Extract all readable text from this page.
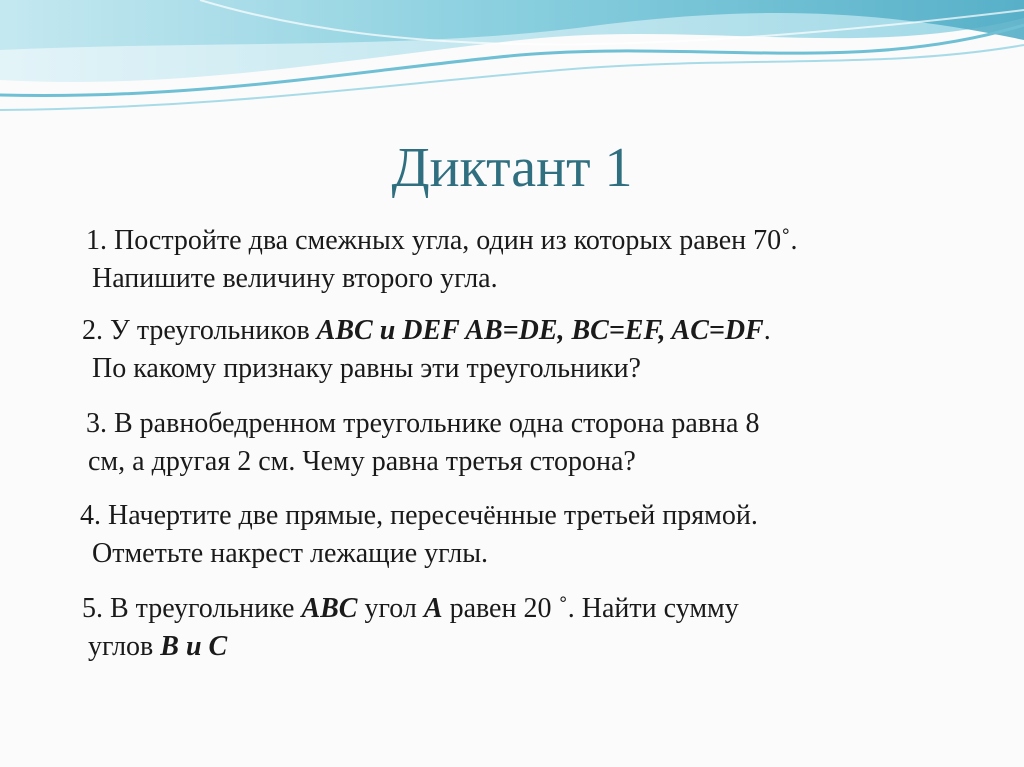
Диктант 1
1. Постройте два смежных угла, один из которых равен 70˚.
Напишите величину второго угла.
2. У треугольников ABC и DEF AB=DE, BC=EF, AC=DF.
По какому признаку равны эти треугольники?
3. В равнобедренном треугольнике одна сторона равна 8
см, а другая 2 см. Чему равна третья сторона?
4. Начертите две прямые, пересечённые третьей прямой.
Отметьте накрест лежащие углы.
5. В треугольнике ABC угол A равен 20 ˚. Найти сумму
углов B и C
